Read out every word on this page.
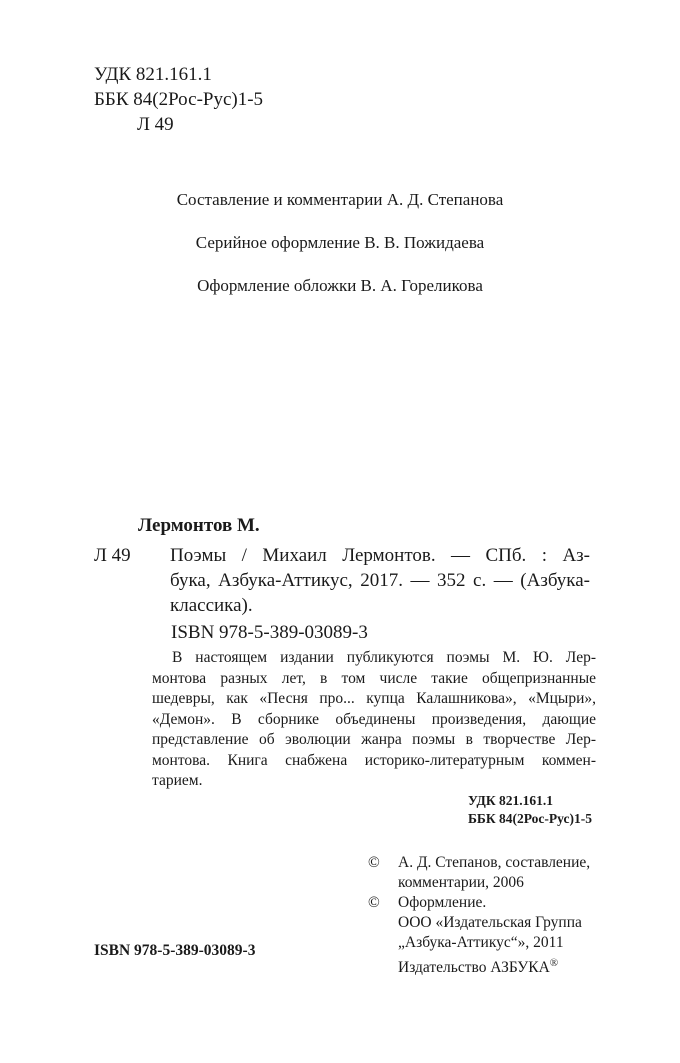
УДК 821.161.1
ББК 84(2Рос-Рус)1-5
Л 49
Составление и комментарии А. Д. Степанова
Серийное оформление В. В. Пожидаева
Оформление обложки В. А. Гореликова
Лермонтов М.
Л 49 Поэмы / Михаил Лермонтов. — СПб. : Аз-
бука, Азбука-Аттикус, 2017. — 352 с. — (Азбука-
классика).
ISBN 978-5-389-03089-3
В настоящем издании публикуются поэмы М. Ю. Лер-
монтова разных лет, в том числе такие общепризнанные
шедевры, как «Песня про... купца Калашникова», «Мцыри»,
«Демон». В сборнике объединены произведения, дающие
представление об эволюции жанра поэмы в творчестве Лер-
монтова. Книга снабжена историко-литературным коммен-
тарием.
УДК 821.161.1
ББК 84(2Рос-Рус)1-5
© А. Д. Степанов, составление,
комментарии, 2006
© Оформление.
ООО «Издательская Группа
„Азбука-Аттикус“», 2011
Издательство АЗБУКА®
ISBN 978-5-389-03089-3
